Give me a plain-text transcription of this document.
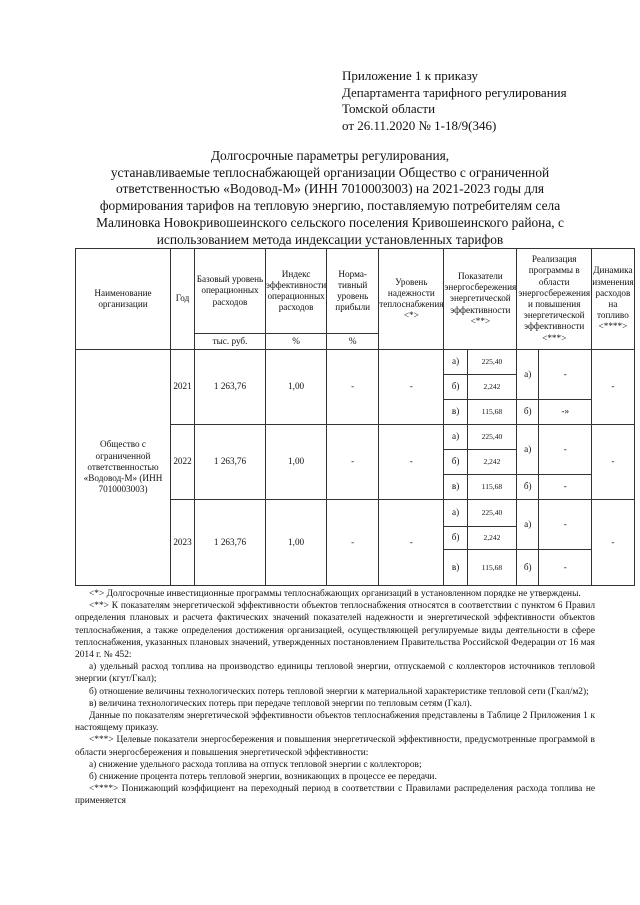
Приложение 1 к приказу
Департамента тарифного регулирования
Томской области
от 26.11.2020 № 1-18/9(346)
Долгосрочные параметры регулирования,
устанавливаемые теплоснабжающей организации Общество с ограниченной
ответственностью «Водовод-М» (ИНН 7010003003) на 2021-2023 годы для
формирования тарифов на тепловую энергию, поставляемую потребителям села
Малиновка Новокривошеинского сельского поселения Кривошеинского района, с
использованием метода индексации установленных тарифов
Наименование организации	Год	Базовый уровень операционных расходов	Индекс эффективности операционных расходов	Норма-тивный уровень прибыли	Уровень надежности теплоснабжения <*>	Показатели энергосбережения энергетической эффективности <**>		Реализация программы в области энергосбережения и повышения энергетической эффективности <***>		Динамика изменения расходов на топливо <****>
		тыс. руб.	%	%						
Общество с ограниченной ответственностью «Водовод-М» (ИНН 7010003003)	2021	1 263,76	1,00	-	-	а)	225,40	а)	-	-
						б)	2,242			
						в)	115,68	б)	-»	
	2022	1 263,76	1,00	-	-	а)	225,40	а)	-	-
						б)	2,242			
						в)	115,68	б)	-	
	2023	1 263,76	1,00	-	-	а)	225,40	а)	-	-
						б)	2,242			
						в)	115,68	б)	-	

<*> Долгосрочные инвестиционные программы теплоснабжающих организаций в установленном порядке не утверждены.

<**> К показателям энергетической эффективности объектов теплоснабжения относятся в соответствии с пунктом 6 Правил определения плановых и расчета фактических значений показателей надежности и энергетической эффективности объектов теплоснабжения, а также определения достижения организацией, осуществляющей регулируемые виды деятельности в сфере теплоснабжения, указанных плановых значений, утвержденных постановлением Правительства Российской Федерации от 16 мая 2014 г. № 452:

а) удельный расход топлива на производство единицы тепловой энергии, отпускаемой с коллекторов источников тепловой энергии (кгут/Гкал);

б) отношение величины технологических потерь тепловой энергии к материальной характеристике тепловой сети (Гкал/м2);

в) величина технологических потерь при передаче тепловой энергии по тепловым сетям (Гкал).

Данные по показателям энергетической эффективности объектов теплоснабжения представлены в Таблице 2 Приложения 1 к настоящему приказу.

<***> Целевые показатели энергосбережения и повышения энергетической эффективности, предусмотренные программой в области энергосбережения и повышения энергетической эффективности:

а) снижение удельного расхода топлива на отпуск тепловой энергии с коллекторов;

б) снижение процента потерь тепловой энергии, возникающих в процессе ее передачи.

<****> Понижающий коэффициент на переходный период в соответствии с Правилами распределения расхода топлива не применяется
